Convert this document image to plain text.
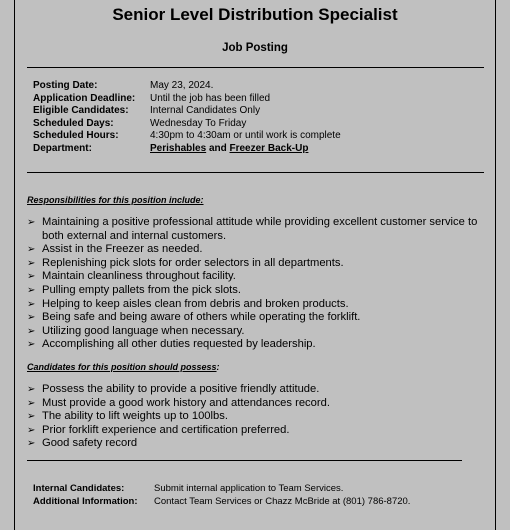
Senior Level Distribution Specialist
Job Posting
Posting Date:	May 23, 2024.
Application Deadline:	Until the job has been filled
Eligible Candidates:	Internal Candidates Only
Scheduled Days:	Wednesday To Friday
Scheduled Hours:	4:30pm to 4:30am or until work is complete
Department:	Perishables and Freezer Back-Up
Responsibilities for this position include:
➢ Maintaining a positive professional attitude while providing excellent customer service to both external and internal customers.
➢ Assist in the Freezer as needed.
➢ Replenishing pick slots for order selectors in all departments.
➢ Maintain cleanliness throughout facility.
➢ Pulling empty pallets from the pick slots.
➢ Helping to keep aisles clean from debris and broken products.
➢ Being safe and being aware of others while operating the forklift.
➢ Utilizing good language when necessary.
➢ Accomplishing all other duties requested by leadership.
Candidates for this position should possess:
➢ Possess the ability to provide a positive friendly attitude.
➢ Must provide a good work history and attendances record.
➢ The ability to lift weights up to 100lbs.
➢ Prior forklift experience and certification preferred.
➢ Good safety record
Internal Candidates:	Submit internal application to Team Services.
Additional Information:	Contact Team Services or Chazz McBride at (801) 786-8720.
